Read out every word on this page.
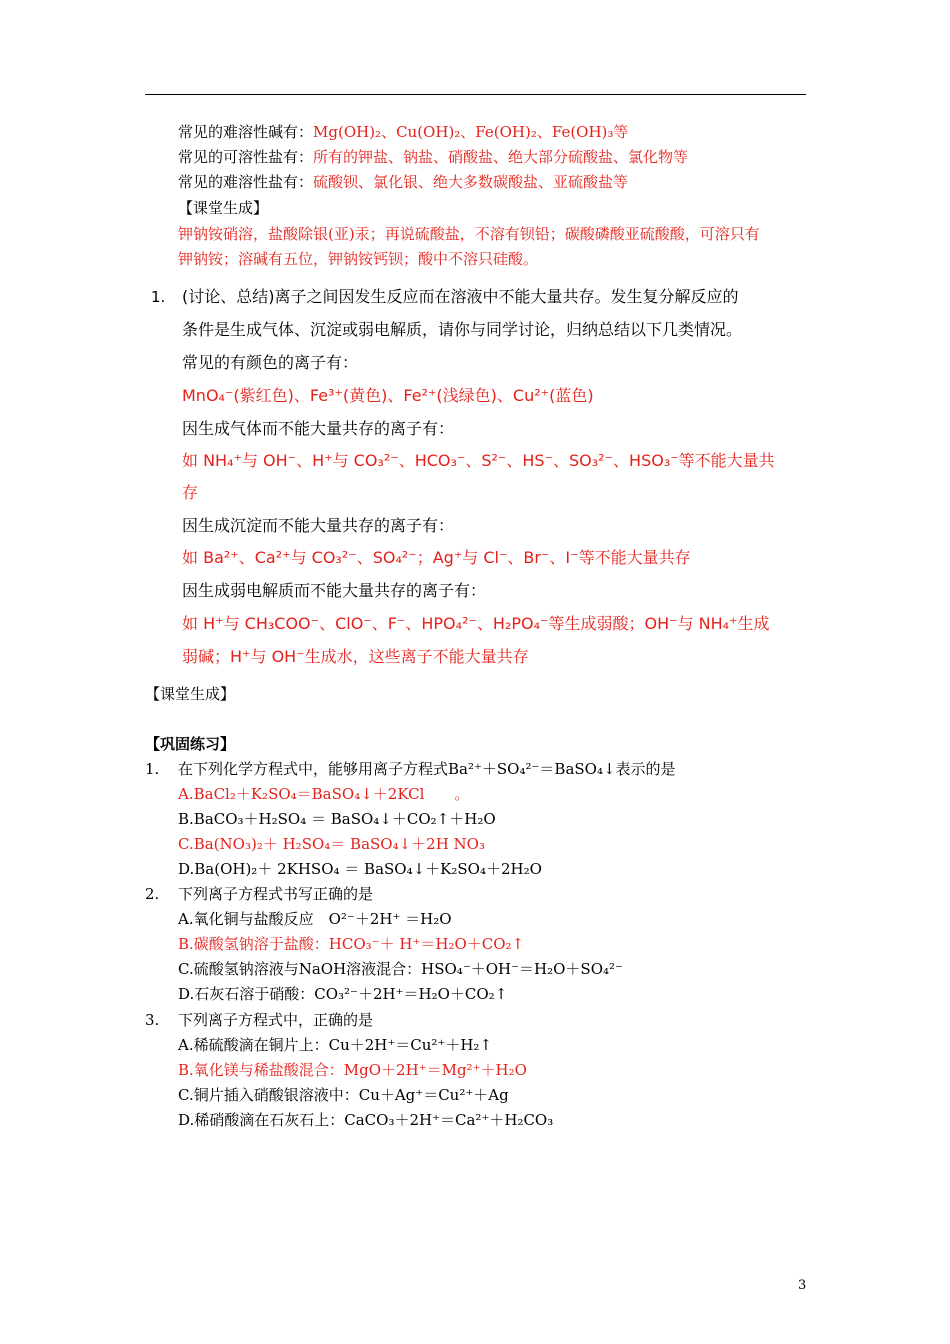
常见的难溶性碱有：Mg(OH)₂、Cu(OH)₂、Fe(OH)₂、Fe(OH)₃等
常见的可溶性盐有：所有的钾盐、钠盐、硝酸盐、绝大部分硫酸盐、氯化物等
常见的难溶性盐有：硫酸钡、氯化银、绝大多数碳酸盐、亚硫酸盐等
【课堂生成】
钾钠铵硝溶，盐酸除银(亚)汞；再说硫酸盐，不溶有钡铅；碳酸磷酸亚硫酸酸，可溶只有
钾钠铵；溶碱有五位，钾钠铵钙钡；酸中不溶只硅酸。
1. (讨论、总结)离子之间因发生反应而在溶液中不能大量共存。发生复分解反应的
条件是生成气体、沉淀或弱电解质，请你与同学讨论，归纳总结以下几类情况。
常见的有颜色的离子有：
MnO₄⁻(紫红色)、Fe³⁺(黄色)、Fe²⁺(浅绿色)、Cu²⁺(蓝色)
因生成气体而不能大量共存的离子有：
如 NH₄⁺与 OH⁻、H⁺与 CO₃²⁻、HCO₃⁻、S²⁻、HS⁻、SO₃²⁻、HSO₃⁻等不能大量共
存
因生成沉淀而不能大量共存的离子有：
如 Ba²⁺、Ca²⁺与 CO₃²⁻、SO₄²⁻；Ag⁺与 Cl⁻、Br⁻、I⁻等不能大量共存
因生成弱电解质而不能大量共存的离子有：
如 H⁺与 CH₃COO⁻、ClO⁻、F⁻、HPO₄²⁻、H₂PO₄⁻等生成弱酸；OH⁻与 NH₄⁺生成
弱碱；H⁺与 OH⁻生成水，这些离子不能大量共存
【课堂生成】
【巩固练习】
1. 在下列化学方程式中，能够用离子方程式Ba²⁺＋SO₄²⁻＝BaSO₄↓表示的是
A.BaCl₂＋K₂SO₄＝BaSO₄↓＋2KCl　　。
B.BaCO₃＋H₂SO₄ ＝ BaSO₄↓＋CO₂↑＋H₂O
C.Ba(NO₃)₂＋ H₂SO₄＝ BaSO₄↓＋2H NO₃
D.Ba(OH)₂＋ 2KHSO₄ ＝ BaSO₄↓＋K₂SO₄＋2H₂O
2. 下列离子方程式书写正确的是
A.氧化铜与盐酸反应　O²⁻＋2H⁺ ＝H₂O
B.碳酸氢钠溶于盐酸：HCO₃⁻＋ H⁺＝H₂O＋CO₂↑
C.硫酸氢钠溶液与NaOH溶液混合：HSO₄⁻＋OH⁻＝H₂O＋SO₄²⁻
D.石灰石溶于硝酸：CO₃²⁻＋2H⁺＝H₂O＋CO₂↑
3. 下列离子方程式中，正确的是
A.稀硫酸滴在铜片上：Cu＋2H⁺＝Cu²⁺＋H₂↑
B.氧化镁与稀盐酸混合：MgO＋2H⁺＝Mg²⁺＋H₂O
C.铜片插入硝酸银溶液中：Cu＋Ag⁺＝Cu²⁺＋Ag
D.稀硝酸滴在石灰石上：CaCO₃＋2H⁺＝Ca²⁺＋H₂CO₃
3
